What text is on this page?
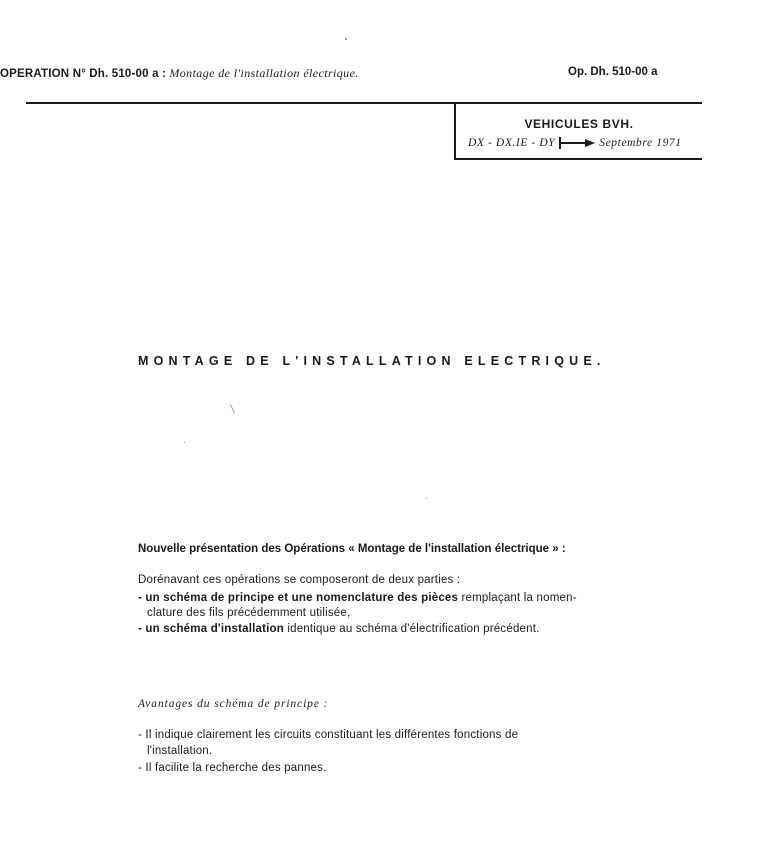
OPERATION N° Dh. 510-00 a : Montage de l'installation électrique.	Op. Dh. 510-00 a
VEHICULES BVH.
DX - DX.IE - DY	Septembre 1971
MONTAGE DE L'INSTALLATION ELECTRIQUE.
Nouvelle présentation des Opérations « Montage de l'installation électrique » :
Dorénavant ces opérations se composeront de deux parties :
- un schéma de principe et une nomenclature des pièces remplaçant la nomen-
clature des fils précédemment utilisée,
- un schéma d'installation identique au schéma d'électrification précédent.
Avantages du schéma de principe :
- Il indique clairement les circuits constituant les différentes fonctions de
l'installation.
- Il facilite la recherche des pannes.
